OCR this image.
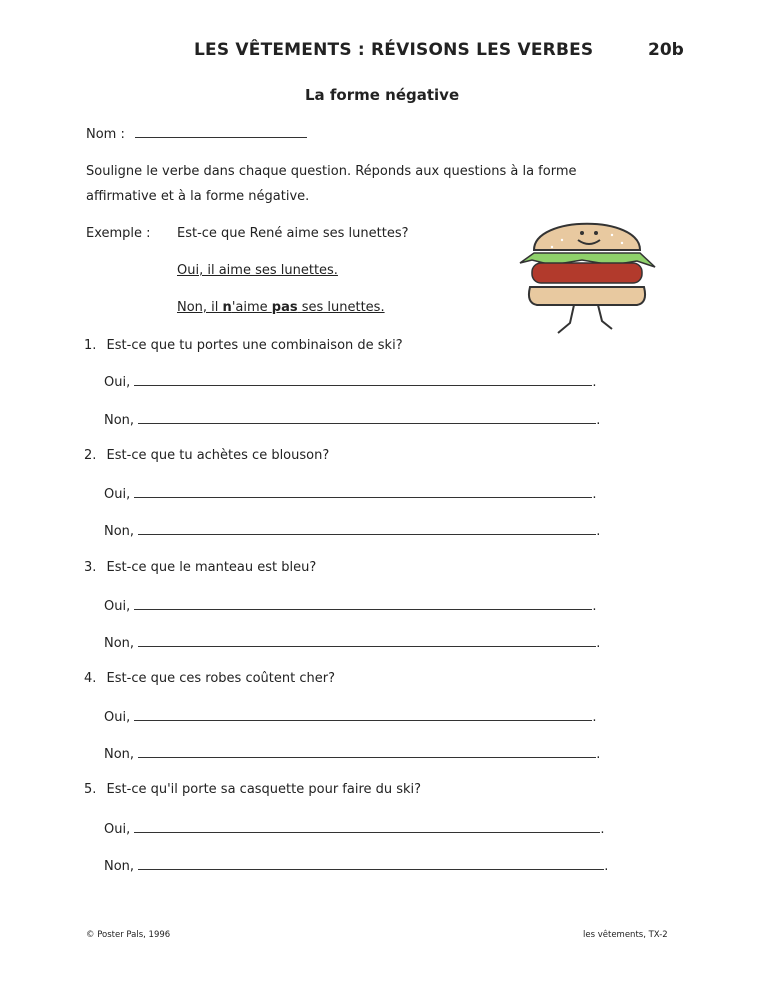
LES VÊTEMENTS : RÉVISONS LES VERBES	20b
La forme négative
Nom :
Souligne le verbe dans chaque question. Réponds aux questions à la forme
affirmative et à la forme négative.
Exemple : Est-ce que René aime ses lunettes?
Oui, il aime ses lunettes.
Non, il n'aime pas ses lunettes.
1. Est-ce que tu portes une combinaison de ski?
Oui,	.
Non,	.
2. Est-ce que tu achètes ce blouson?
Oui,	.
Non,	.
3. Est-ce que le manteau est bleu?
Oui,	.
Non,	.
4. Est-ce que ces robes coûtent cher?
Oui,	.
Non,	.
5. Est-ce qu'il porte sa casquette pour faire du ski?
Oui,	.
Non,	.
© Poster Pals, 1996	les vêtements, TX-2
